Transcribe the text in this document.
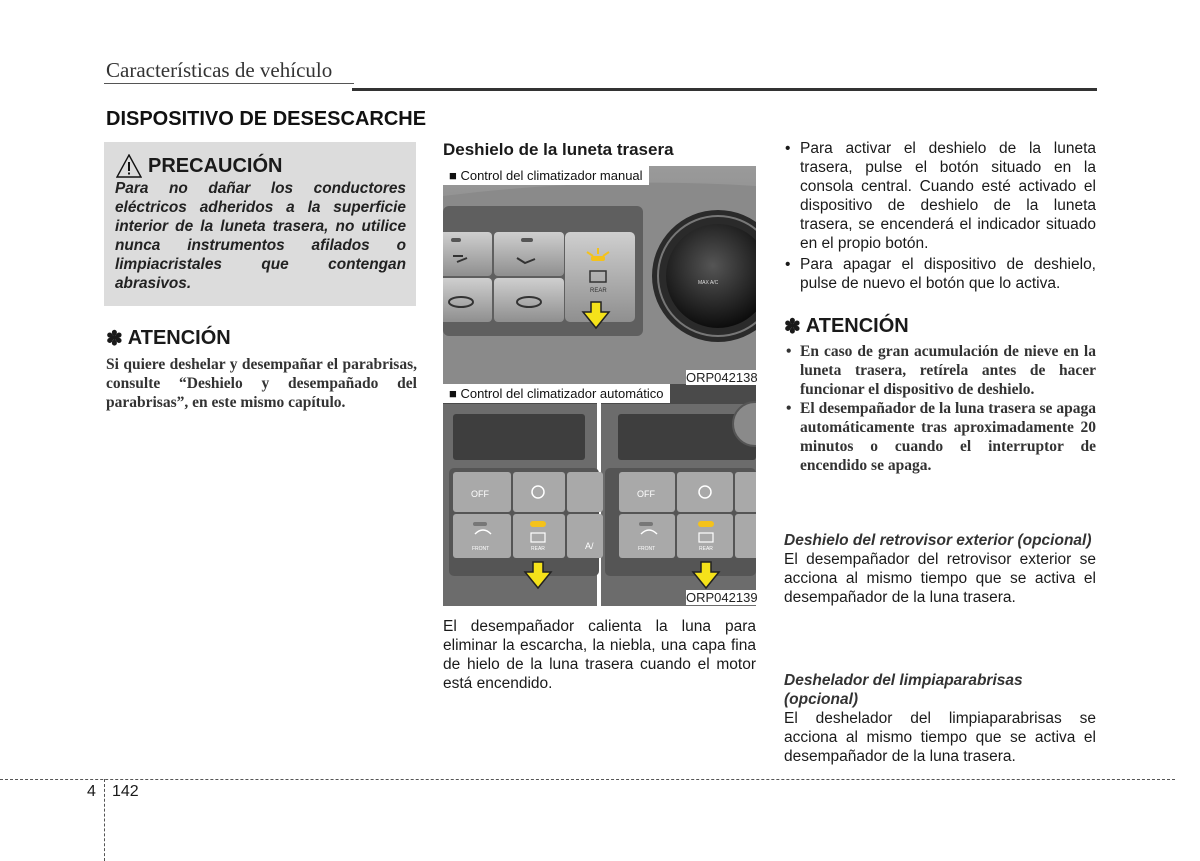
Características de vehículo
DISPOSITIVO DE DESESCARCHE
PRECAUCIÓN
Para no dañar los conductores eléctricos adheridos a la superficie interior de la luneta trasera, no utilice nunca instrumentos afilados o limpiacristales que contengan abrasivos.
✽ ATENCIÓN
Si quiere deshelar y desempañar el parabrisas, consulte “Deshielo y desempañado del parabrisas”, en este mismo capítulo.
Deshielo de la luneta trasera
■ Control del climatizador manual
REAR
MAX A/C
ORP042138
■ Control del climatizador automático
OFF	OFF
A/
FRONT	FRONT
REAR	REAR
ORP042139
El desempañador calienta la luna para eliminar la escarcha, la niebla, una capa fina de hielo de la luna trasera cuando el motor está encendido.
• Para activar el deshielo de la luneta trasera, pulse el botón situado en la consola central. Cuando esté activado el dispositivo de deshielo de la luneta trasera, se encenderá el indicador situado en el propio botón.
• Para apagar el dispositivo de deshielo, pulse de nuevo el botón que lo activa.
✽ ATENCIÓN
• En caso de gran acumulación de nieve en la luneta trasera, retírela antes de hacer funcionar el dispositivo de deshielo.
• El desempañador de la luna trasera se apaga automáticamente tras aproximadamente 20 minutos o cuando el interruptor de encendido se apaga.
Deshielo del retrovisor exterior (opcional)
El desempañador del retrovisor exterior se acciona al mismo tiempo que se activa el desempañador de la luna trasera.
Deshelador del limpiaparabrisas (opcional)
El deshelador del limpiaparabrisas se acciona al mismo tiempo que se activa el desempañador de la luna trasera.
4 142
